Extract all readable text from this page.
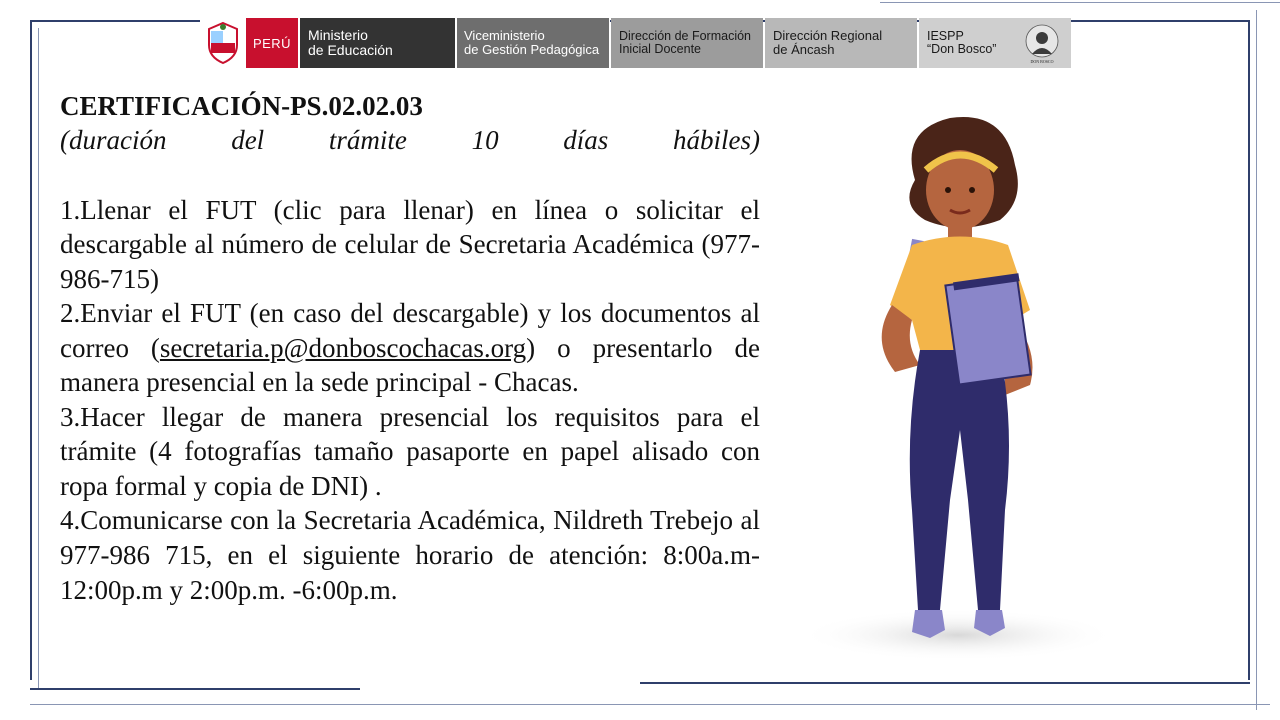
PERÚ	Ministerio
de Educación
Viceministerio
de Gestión Pedagógica
Dirección de Formación
Inicial Docente
Dirección Regional
de Áncash
IESPP
“Don Bosco”
DON BOSCO

CERTIFICACIÓN-PS.02.02.03

(duración del trámite 10 días hábiles)

1.Llenar el FUT (clic para llenar) en línea o solicitar el descargable al número de celular de Secretaria Académica (977-986-715)

2.Enviar el FUT (en caso del descargable) y los documentos al correo (secretaria.p@donboscochacas.org) o presentarlo de manera presencial en la sede principal - Chacas.

3.Hacer llegar de manera presencial los requisitos para el trámite (4 fotografías tamaño pasaporte en papel alisado con ropa formal y copia de DNI) .

4.Comunicarse con la Secretaria Académica, Nildreth Trebejo al 977-986 715, en el siguiente horario de atención: 8:00a.m-12:00p.m y 2:00p.m. -6:00p.m.
